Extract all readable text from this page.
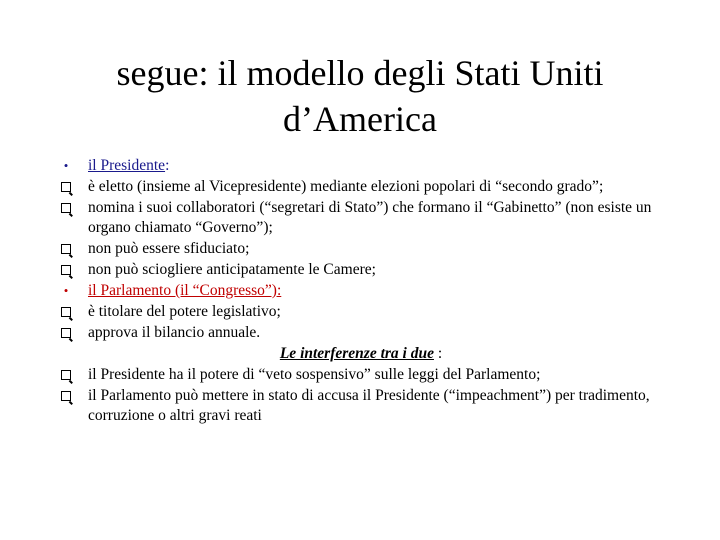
segue: il modello degli Stati Uniti
d’America
•	il Presidente:
è eletto (insieme al Vicepresidente) mediante elezioni popolari di “secondo grado”;
nomina i suoi collaboratori (“segretari di Stato”) che formano il “Gabinetto” (non esiste un organo chiamato “Governo”);
non può essere sfiduciato;
non può sciogliere anticipatamente le Camere;
•	il Parlamento (il “Congresso”):
è titolare del potere legislativo;
approva il bilancio annuale.
Le interferenze tra i due :
il Presidente ha il potere di “veto sospensivo” sulle leggi del Parlamento;
il Parlamento può mettere in stato di accusa il Presidente (“impeachment”) per tradimento, corruzione o altri gravi reati
